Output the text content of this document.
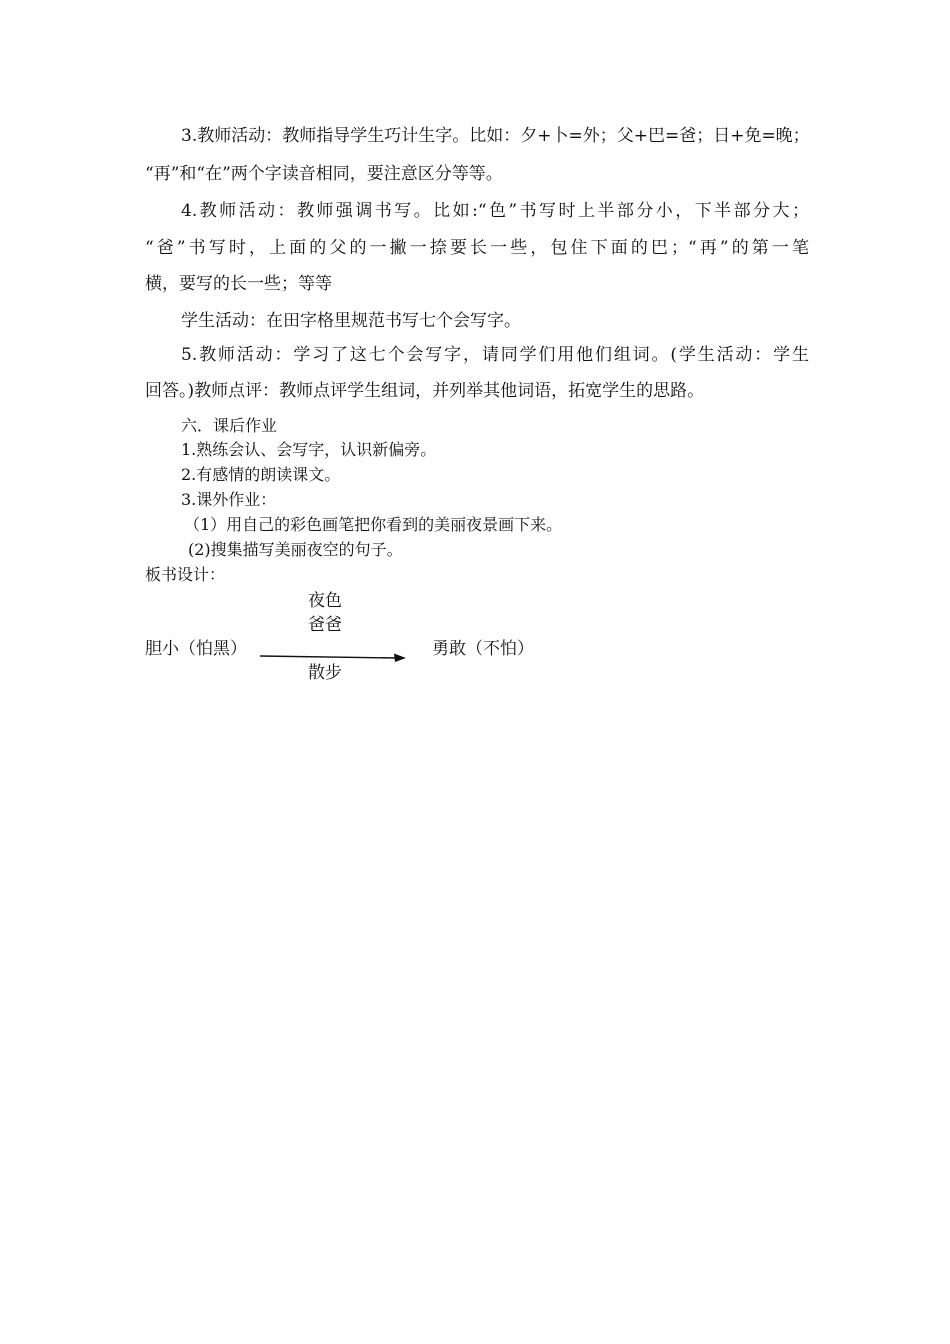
3.教师活动：教师指导学生巧计生字。比如：夕+卜=外；父+巴=爸；日+免=晚；
“再”和“在”两个字读音相同，要注意区分等等。
4.教师活动：教师强调书写。比如:“色”书写时上半部分小，下半部分大；
“爸”书写时，上面的父的一撇一捺要长一些，包住下面的巴；“再”的第一笔
横，要写的长一些；等等
学生活动：在田字格里规范书写七个会写字。
5.教师活动：学习了这七个会写字，请同学们用他们组词。(学生活动：学生
回答。)教师点评：教师点评学生组词，并列举其他词语，拓宽学生的思路。
六．课后作业
1.熟练会认、会写字，认识新偏旁。
2.有感情的朗读课文。
3.课外作业：
（1）用自己的彩色画笔把你看到的美丽夜景画下来。
(2)搜集描写美丽夜空的句子。
板书设计：
夜色
爸爸
胆小（怕黑）	勇敢（不怕）
散步
